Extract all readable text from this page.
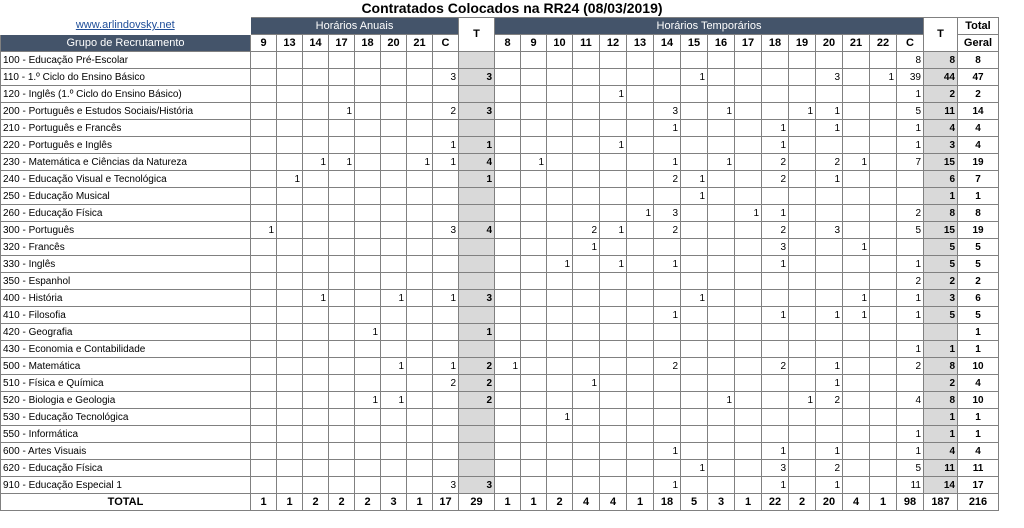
Contratados Colocados na RR24 (08/03/2019)
www.arlindovsky.net	Horários Anuais								T	Horários Temporários																T	Total
Grupo de Recrutamento	9	13	14	17	18	20	21	C		8	9	10	11	12	13	14	15	16	17	18	19	20	21	22	C		Geral
100 - Educação Pré-Escolar																									8	8	8
110 - 1.º Ciclo do Ensino Básico								3	3								1					3		1	39	44	47
120 - Inglês (1.º Ciclo do Ensino Básico)														1											1	2	2
200 - Português e Estudos Sociais/História				1				2	3							3		1			1	1			5	11	14
210 - Português e Francês																1				1		1			1	4	4
220 - Português e Inglês								1	1					1						1					1	3	4
230 - Matemática e Ciências da Natureza			1	1			1	1	4		1					1		1		2		2	1		7	15	19
240 - Educação Visual e Tecnológica		1							1							2	1			2		1				6	7
250 - Educação Musical																	1									1	1
260 - Educação Física															1	3			1	1					2	8	8
300 - Português	1							3	4				2	1		2				2		3			5	15	19
320 - Francês													1							3			1			5	5
330 - Inglês												1		1		1				1					1	5	5
350 - Espanhol																									2	2	2
400 - História			1			1		1	3								1						1		1	3	6
410 - Filosofia																1				1		1	1		1	5	5
420 - Geografia					1				1																		1
430 - Economia e Contabilidade																									1	1	1
500 - Matemática						1		1	2	1						2				2		1			2	8	10
510 - Física e Química								2	2				1									1				2	4
520 - Biologia e Geologia					1	1			2									1			1	2			4	8	10
530 - Educação Tecnológica												1														1	1
550 - Informática																									1	1	1
600 - Artes Visuais																1				1		1			1	4	4
620 - Educação Física																	1			3		2			5	11	11
910 - Educação Especial 1								3	3							1				1		1			11	14	17
TOTAL	1	1	2	2	2	3	1	17	29	1	1	2	4	4	1	18	5	3	1	22	2	20	4	1	98	187	216
